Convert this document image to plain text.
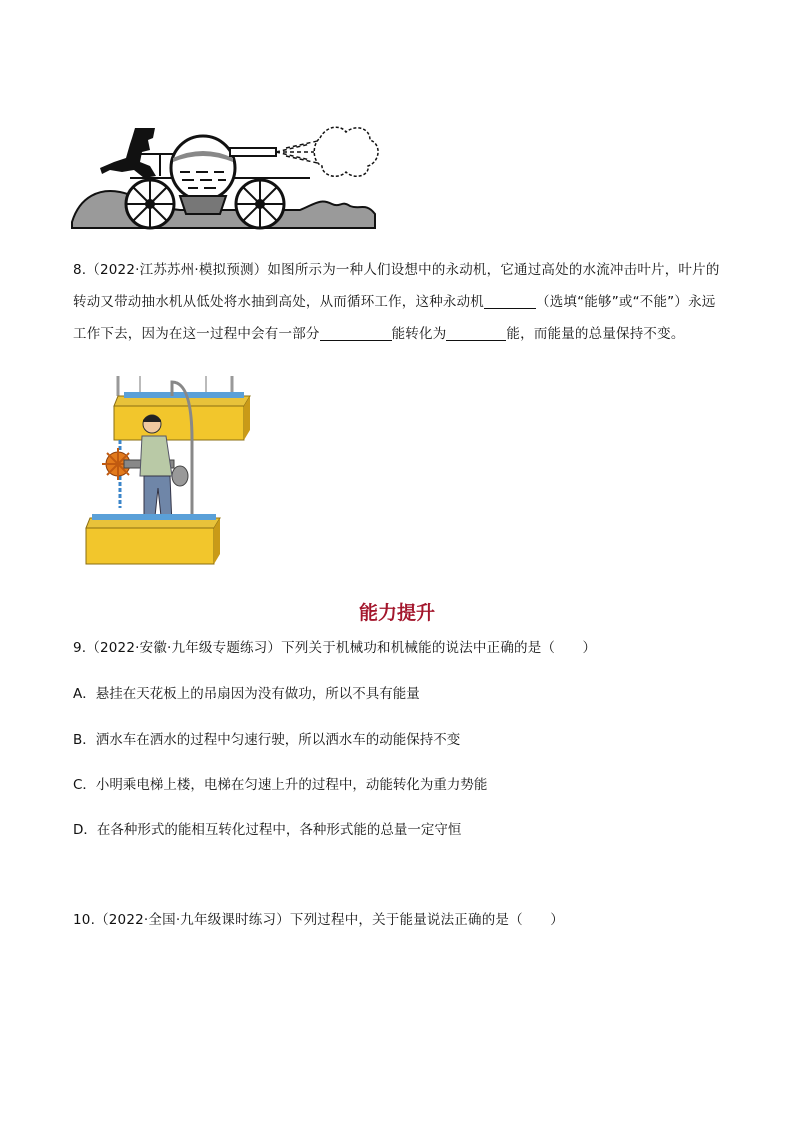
8.（2022·江苏苏州·模拟预测）如图所示为一种人们设想中的永动机，它通过高处的水流冲击叶片，叶片的
转动又带动抽水机从低处将水抽到高处，从而循环工作，这种永动机	（选填“能够”或“不能”）永远
工作下去，因为在这一过程中会有一部分	能转化为	能，而能量的总量保持不变。
能力提升
9.（2022·安徽·九年级专题练习）下列关于机械功和机械能的说法中正确的是（　　）
A．悬挂在天花板上的吊扇因为没有做功，所以不具有能量
B．洒水车在洒水的过程中匀速行驶，所以洒水车的动能保持不变
C．小明乘电梯上楼，电梯在匀速上升的过程中，动能转化为重力势能
D．在各种形式的能相互转化过程中，各种形式能的总量一定守恒
10.（2022·全国·九年级课时练习）下列过程中，关于能量说法正确的是（　　）
